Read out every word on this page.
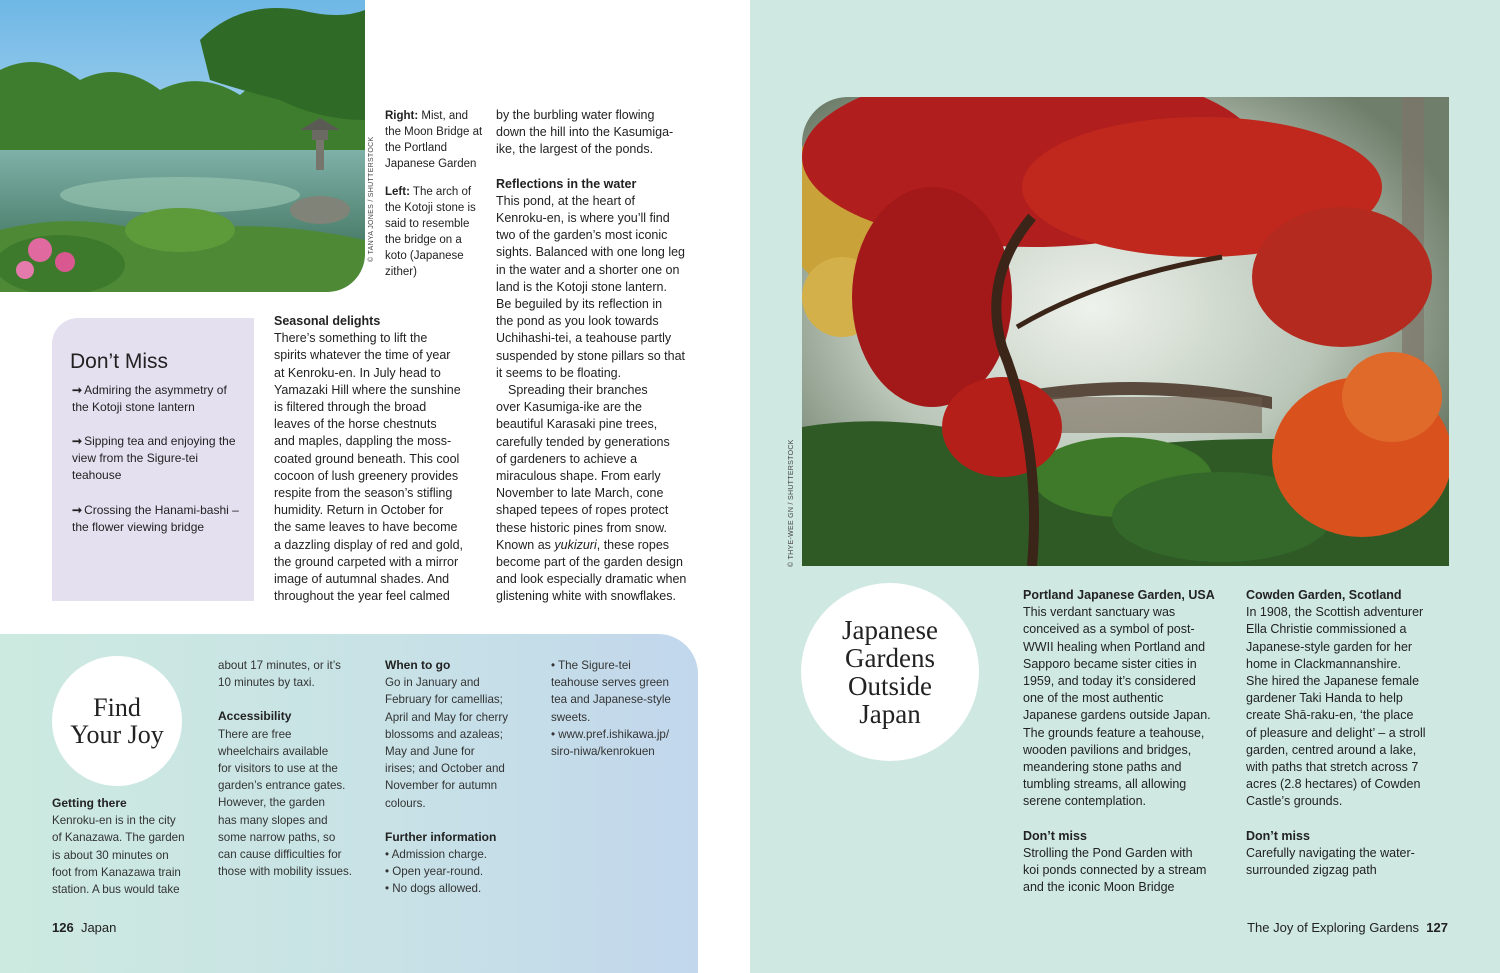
© TANYA JONES / SHUTTERSTOCK

Right: Mist, and the Moon Bridge at the Portland Japanese Garden

Left: The arch of the Kotoji stone is said to resemble the bridge on a koto (Japanese zither)

Seasonal delights

There’s something to lift the

spirits whatever the time of year

at Kenroku-en. In July head to

Yamazaki Hill where the sunshine

is filtered through the broad

leaves of the horse chestnuts

and maples, dappling the moss-

coated ground beneath. This cool

cocoon of lush greenery provides

respite from the season’s stifling

humidity. Return in October for

the same leaves to have become

a dazzling display of red and gold,

the ground carpeted with a mirror

image of autumnal shades. And

throughout the year feel calmed

by the burbling water flowing

down the hill into the Kasumiga-

ike, the largest of the ponds.

Reflections in the water

This pond, at the heart of

Kenroku-en, is where you’ll find

two of the garden’s most iconic

sights. Balanced with one long leg

in the water and a shorter one on

land is the Kotoji stone lantern.

Be beguiled by its reflection in

the pond as you look towards

Uchihashi-tei, a teahouse partly

suspended by stone pillars so that

it seems to be floating.

Spreading their branches

over Kasumiga-ike are the

beautiful Karasaki pine trees,

carefully tended by generations

of gardeners to achieve a

miraculous shape. From early

November to late March, cone

shaped tepees of ropes protect

these historic pines from snow.

Known as yukizuri, these ropes

become part of the garden design

and look especially dramatic when

glistening white with snowflakes.

Don’t Miss
➞ Admiring the asymmetry of the Kotoji stone lantern
➞ Sipping tea and enjoying the view from the Sigure-tei teahouse
➞ Crossing the Hanami-bashi – the flower viewing bridge
Find
Your Joy
Getting there

Kenroku-en is in the city

of Kanazawa. The garden

is about 30 minutes on

foot from Kanazawa train

station. A bus would take

about 17 minutes, or it’s

10 minutes by taxi.

Accessibility

There are free

wheelchairs available

for visitors to use at the

garden’s entrance gates.

However, the garden

has many slopes and

some narrow paths, so

can cause difficulties for

those with mobility issues.

When to go

Go in January and

February for camellias;

April and May for cherry

blossoms and azaleas;

May and June for

irises; and October and

November for autumn

colours.

Further information

• Admission charge.

• Open year-round.

• No dogs allowed.

• The Sigure-tei

teahouse serves green

tea and Japanese-style

sweets.

• www.pref.ishikawa.jp/

siro-niwa/kenrokuen

126 Japan
© THYE-WEE GN / SHUTTERSTOCK
Japanese
Gardens
Outside
Japan
Portland Japanese Garden, USA

This verdant sanctuary was

conceived as a symbol of post-

WWII healing when Portland and

Sapporo became sister cities in

1959, and today it’s considered

one of the most authentic

Japanese gardens outside Japan.

The grounds feature a teahouse,

wooden pavilions and bridges,

meandering stone paths and

tumbling streams, all allowing

serene contemplation.

Don’t miss

Strolling the Pond Garden with

koi ponds connected by a stream

and the iconic Moon Bridge

Cowden Garden, Scotland

In 1908, the Scottish adventurer

Ella Christie commissioned a

Japanese-style garden for her

home in Clackmannanshire.

She hired the Japanese female

gardener Taki Handa to help

create Shā-raku-en, ‘the place

of pleasure and delight’ – a stroll

garden, centred around a lake,

with paths that stretch across 7

acres (2.8 hectares) of Cowden

Castle’s grounds.

Don’t miss

Carefully navigating the water-

surrounded zigzag path

The Joy of Exploring Gardens 127
